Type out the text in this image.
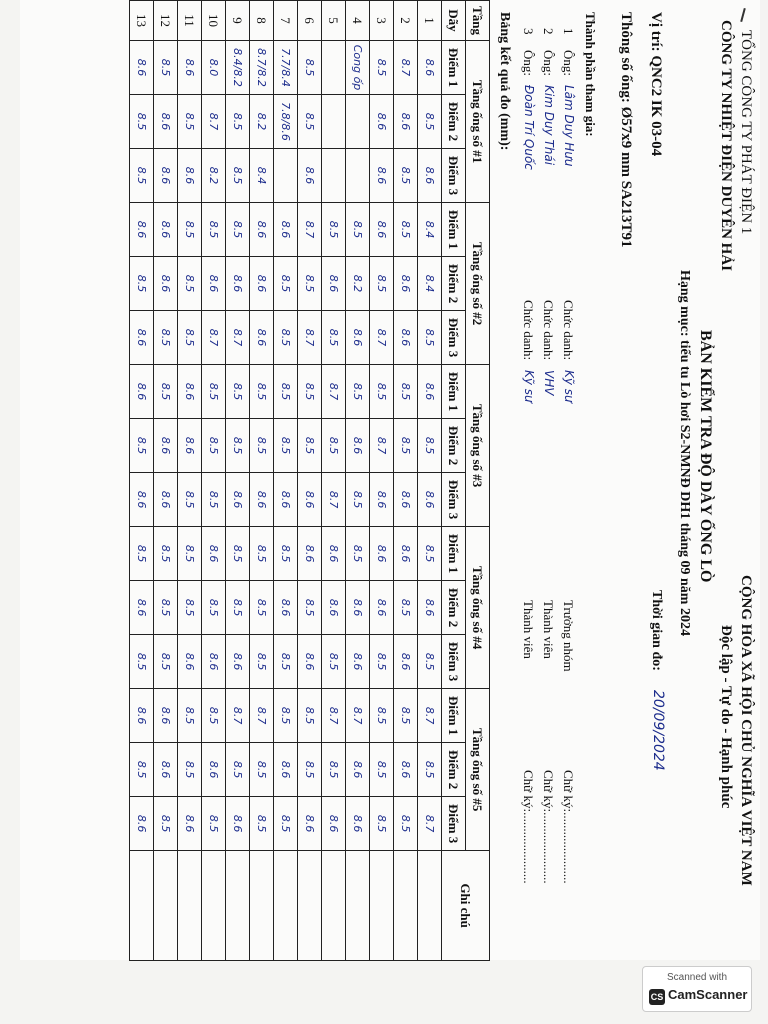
TỔNG CÔNG TY PHÁT ĐIỆN 1
CÔNG TY NHIỆT ĐIỆN DUYÊN HẢI
CỘNG HÒA XÃ HỘI CHỦ NGHĨA VIỆT NAM
Độc lập - Tự do - Hạnh phúc
BẢN KIỂM TRA ĐỘ DÀY ỐNG LÒ
Hạng mục: tiểu tu Lò hơi S2-NMNĐ DH1 tháng 09 năm 2024
Vị trí: QNC2 IK 03-04
Thời gian đo:
20/09/2024
Thông số ống: Ø57x9 mm SA213T91
Thành phần tham gia:
1
Ông:
Lâm Duy Hưu
Chức danh:
Kỹ sư
Trưởng nhóm
Chữ ký:......................
2
Ông:
Kim Duy Thái
Chức danh:
VHV
Thành viên
Chữ ký:......................
3
Ông:
Đoàn Trí Quốc
Chức danh:
Kỹ sư
Thành viên
Chữ ký:......................
Bảng kết quả đo (mm):
Tầng	Tầng ống số #1			Tầng ống số #2			Tầng ống số #3			Tầng ống số #4			Tầng ống số #5			Ghi chú
Dãy	Điểm 1	Điểm 2	Điểm 3	Điểm 1	Điểm 2	Điểm 3	Điểm 1	Điểm 2	Điểm 3	Điểm 1	Điểm 2	Điểm 3	Điểm 1	Điểm 2	Điểm 3	
1	8.6	8.5	8.6	8.4	8.4	8.5	8.6	8.5	8.6	8.5	8.6	8.5	8.7	8.5	8.7	
2	8.7	8.6	8.5	8.5	8.6	8.6	8.5	8.5	8.6	8.6	8.5	8.6	8.5	8.6	8.5	
3	8.5	8.6	8.6	8.6	8.5	8.7	8.5	8.7	8.6	8.6	8.6	8.5	8.5	8.5	8.5	
4	Cong ốp			8.5	8.2	8.6	8.5	8.6	8.5	8.5	8.6	8.6	8.7	8.6	8.6	
5				8.5	8.6	8.5	8.7	8.5	8.7	8.6	8.6	8.5	8.7	8.5	8.6	
6	8.5	8.5	8.6	8.7	8.5	8.7	8.5	8.5	8.6	8.6	8.5	8.6	8.5	8.5	8.6	
7	7.7/8.4	7.8/8.6		8.6	8.5	8.5	8.5	8.5	8.6	8.5	8.6	8.5	8.5	8.6	8.5	
8	8.7/8.2	8.2	8.4	8.6	8.6	8.6	8.5	8.5	8.6	8.5	8.5	8.5	8.7	8.5	8.5	
9	8.4/8.2	8.5	8.5	8.5	8.6	8.7	8.5	8.5	8.6	8.5	8.5	8.6	8.7	8.5	8.6	
10	8.0	8.7	8.2	8.5	8.6	8.7	8.5	8.5	8.5	8.6	8.5	8.6	8.5	8.6	8.5	
11	8.6	8.5	8.6	8.5	8.5	8.5	8.6	8.6	8.5	8.5	8.5	8.6	8.5	8.5	8.6	
12	8.5	8.6	8.6	8.6	8.6	8.5	8.5	8.6	8.6	8.5	8.5	8.5	8.6	8.6	8.5	
13	8.6	8.5	8.5	8.6	8.5	8.6	8.6	8.5	8.6	8.5	8.6	8.5	8.6	8.5	8.6	
Scanned with
CS CamScanner
